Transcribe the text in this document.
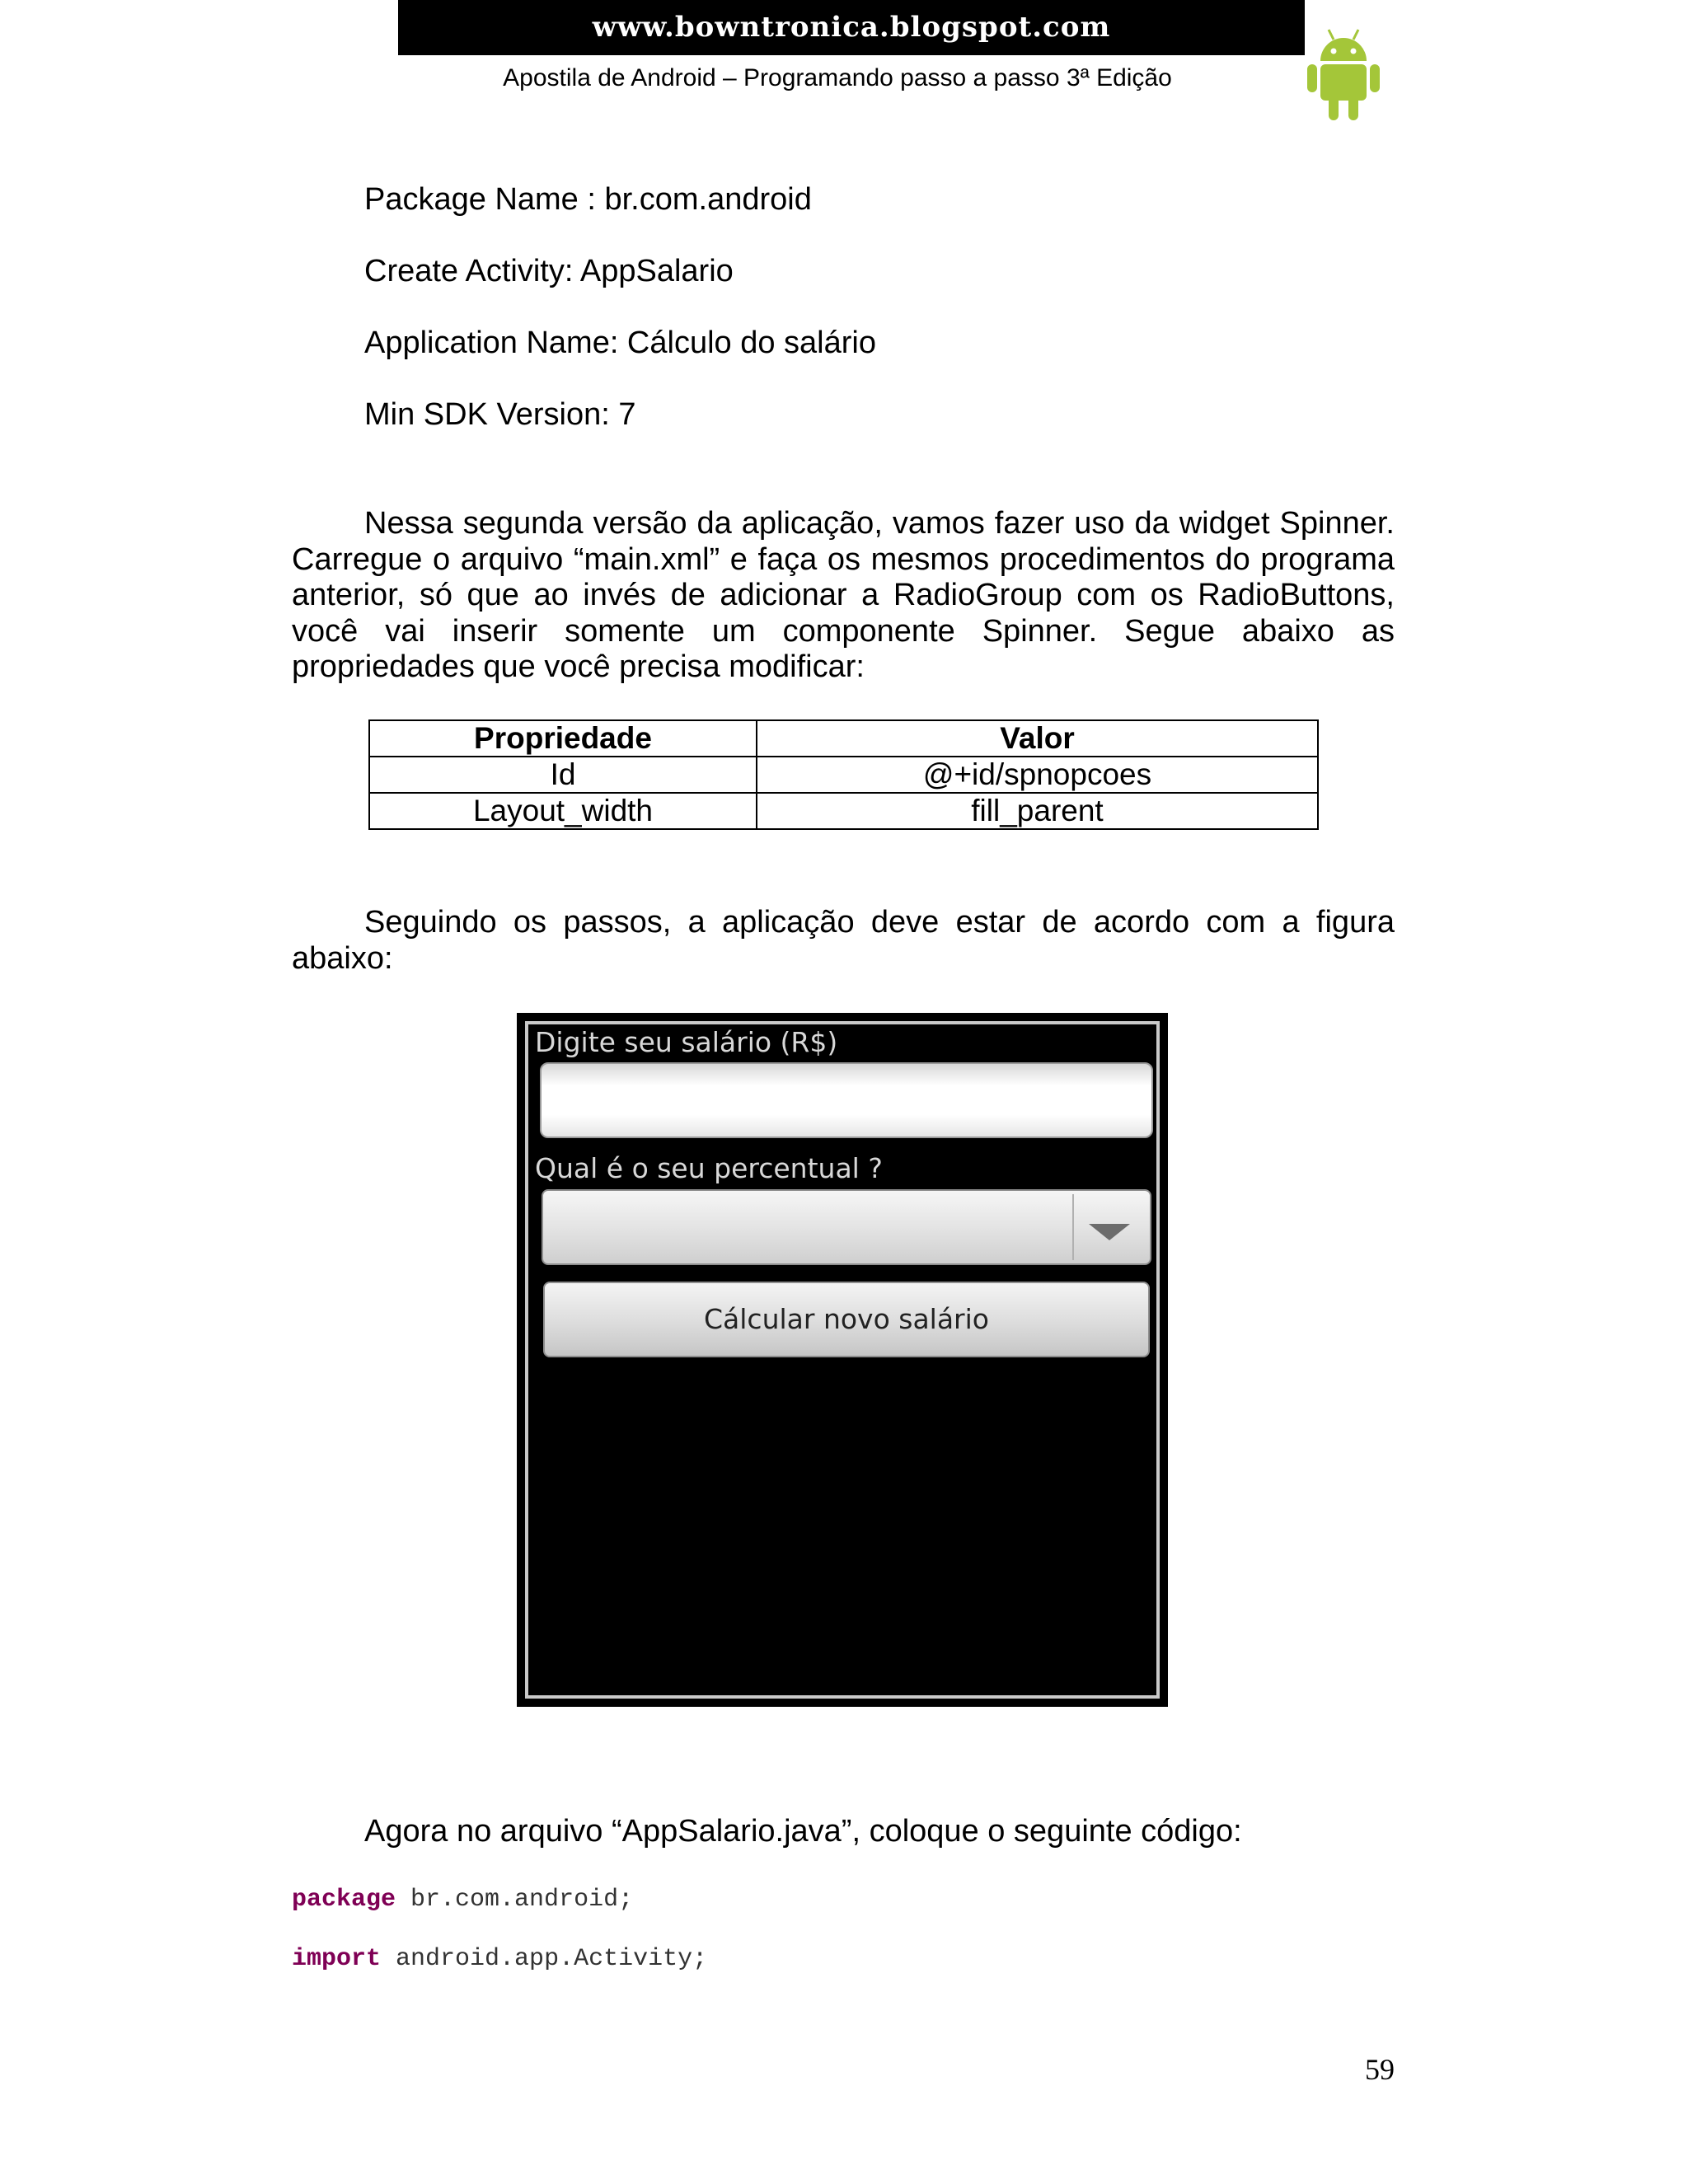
www.bowntronica.blogspot.com
Apostila de Android – Programando passo a passo 3ª Edição
Package Name : br.com.android
Create Activity: AppSalario
Application Name: Cálculo do salário
Min SDK Version: 7
Nessa segunda versão da aplicação, vamos fazer uso da widget Spinner. Carregue o arquivo “main.xml” e faça os mesmos procedimentos do programa anterior, só que ao invés de adicionar a RadioGroup com os RadioButtons, você vai inserir somente um componente Spinner. Segue abaixo as propriedades que você precisa modificar:
Propriedade	Valor
Id	@+id/spnopcoes
Layout_width	fill_parent
Seguindo os passos, a aplicação deve estar de acordo com a figura abaixo:
Digite seu salário (R$)
Qual é o seu percentual ?
Cálcular novo salário
Agora no arquivo “AppSalario.java”, coloque o seguinte código:
package br.com.android;
import android.app.Activity;
59
